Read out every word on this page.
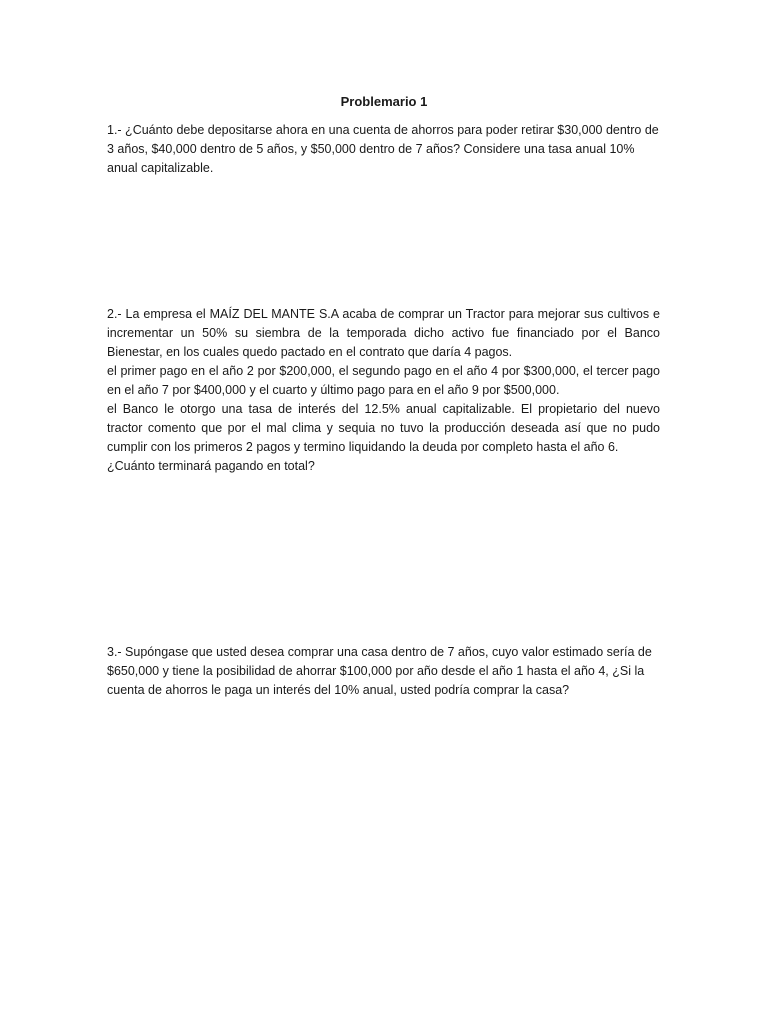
Problemario 1

1.- ¿Cuánto debe depositarse ahora en una cuenta de ahorros para poder retirar $30,000 dentro de 3 años, $40,000 dentro de 5 años, y $50,000 dentro de 7 años? Considere una tasa anual 10% anual capitalizable.

2.- La empresa el MAÍZ DEL MANTE S.A acaba de comprar un Tractor para mejorar sus cultivos e incrementar un 50% su siembra de la temporada dicho activo fue financiado por el Banco Bienestar, en los cuales quedo pactado en el contrato que daría 4 pagos.

el primer pago en el año 2 por $200,000, el segundo pago en el año 4 por $300,000, el tercer pago en el año 7 por $400,000 y el cuarto y último pago para en el año 9 por $500,000.

el Banco le otorgo una tasa de interés del 12.5% anual capitalizable. El propietario del nuevo tractor comento que por el mal clima y sequia no tuvo la producción deseada así que no pudo cumplir con los primeros 2 pagos y termino liquidando la deuda por completo hasta el año 6.

¿Cuánto terminará pagando en total?

3.- Supóngase que usted desea comprar una casa dentro de 7 años, cuyo valor estimado sería de $650,000 y tiene la posibilidad de ahorrar $100,000 por año desde el año 1 hasta el año 4, ¿Si la cuenta de ahorros le paga un interés del 10% anual, usted podría comprar la casa?
